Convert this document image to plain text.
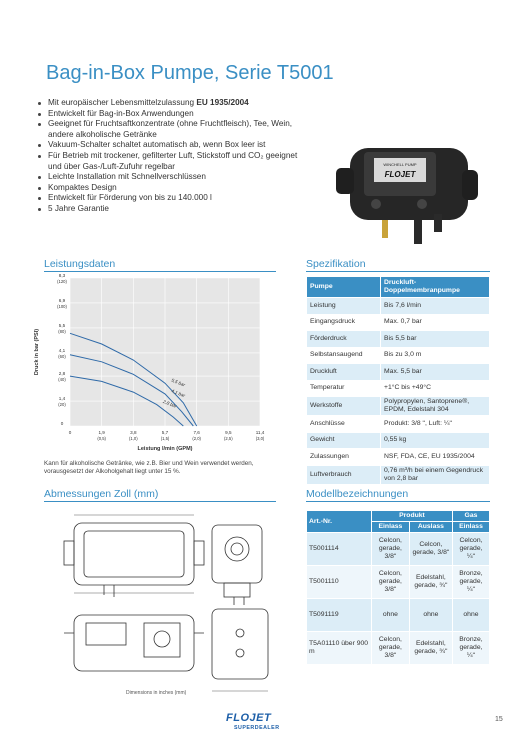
Bag-in-Box Pumpe, Serie T5001
Mit europäischer Lebensmittelzulassung EU 1935/2004
Entwickelt für Bag-in-Box Anwendungen
Geeignet für Fruchtsaftkonzentrate (ohne Fruchtfleisch), Tee, Wein, andere alkoholische Getränke
Vakuum-Schalter schaltet automatisch ab, wenn Box leer ist
Für Betrieb mit trockener, gefilterter Luft, Stickstoff und CO₂ geeignet und über Gas-/Luft-Zufuhr regelbar
Leichte Installation mit Schnellverschlüssen
Kompaktes Design
Entwickelt für Förderung von bis zu 140.000 l
5 Jahre Garantie
WINCHELL PUMP
FLOJET
Leistungsdaten	Spezifikation
Abmessungen Zoll (mm)	Modellbezeichnungen
5,5 bar
4,1 bar
2,8 bar
8,3
(120)
6,9
(100)
5,5
(80)
4,1
(60)
2,8
(40)
1,4
(20)
0
0	1,9
(0,5)
3,8
(1,0)
5,7
(1,5)
7,6
(2,0)
9,5
(2,5)
11,4
(3,0)
Druck in bar (PSI)
Leistung l/min (GPM)
Kann für alkoholische Getränke, wie z.B. Bier und Wein verwendet werden, vorausgesetzt der Alkoholgehalt liegt unter 15 %.
Pumpe	Druckluft-Doppelmembranpumpe
Leistung	Bis 7,6 l/min
Eingangsdruck	Max. 0,7 bar
Förderdruck	Bis 5,5 bar
Selbstansaugend	Bis zu 3,0 m
Druckluft	Max. 5,5 bar
Temperatur	+1°C bis +49°C
Werkstoffe	Polypropylen, Santoprene®, EPDM, Edelstahl 304
Anschlüsse	Produkt: 3/8 ʺ, Luft: ¼ʺ
Gewicht	0,55 kg
Zulassungen	NSF, FDA, CE, EU 1935/2004
Luftverbrauch	0,76 m³/h bei einem Gegendruck von 2,8 bar
Dimensions in inches (mm)
Art.-Nr.	Produkt		Gas
	Einlass	Auslass	Einlass
T5001114	Celcon, gerade, 3/8ʺ	Celcon, gerade, 3/8ʺ	Celcon, gerade, ¼ʺ
T5001110	Celcon, gerade, 3/8ʺ	Edelstahl, gerade, ¾ʺ	Bronze, gerade, ¼ʺ
T5091119	ohne	ohne	ohne
T5A01110 über 900 m	Celcon, gerade, 3/8ʺ	Edelstahl, gerade, ¾ʺ	Bronze, gerade, ¼ʺ
FLOJET
SUPERDEALER
15
